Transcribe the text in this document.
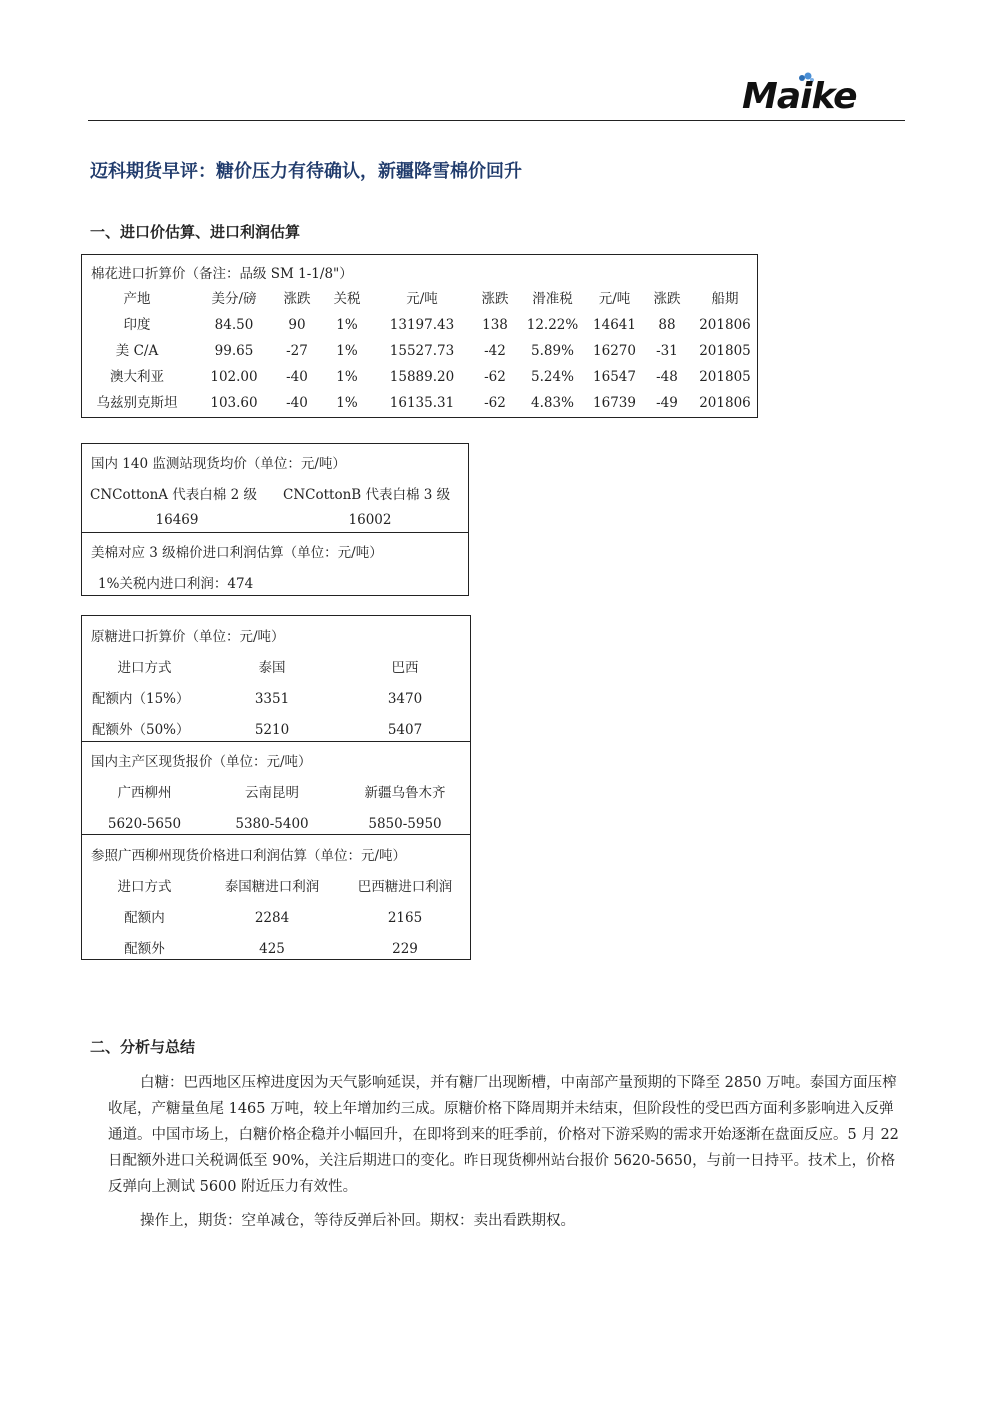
Maike
迈科期货早评：糖价压力有待确认，新疆降雪棉价回升
一、进口价估算、进口利润估算
棉花进口折算价（备注：品级 SM 1-1/8"）
产地	美分/磅	涨跌	关税	元/吨	涨跌	滑准税	元/吨	涨跌	船期
印度	84.50	90	1%	13197.43	138	12.22%	14641	88	201806
美 C/A	99.65	-27	1%	15527.73	-42	5.89%	16270	-31	201805
澳大利亚	102.00	-40	1%	15889.20	-62	5.24%	16547	-48	201805
乌兹别克斯坦	103.60	-40	1%	16135.31	-62	4.83%	16739	-49	201806
国内 140 监测站现货均价（单位：元/吨）
CNCottonA 代表白棉 2 级 CNCottonB 代表白棉 3 级
16469	16002
美棉对应 3 级棉价进口利润估算（单位：元/吨）
1%关税内进口利润：474
原糖进口折算价（单位：元/吨）
进口方式	泰国	巴西
配额内（15%）	3351	3470
配额外（50%）	5210	5407
国内主产区现货报价（单位：元/吨）
广西柳州	云南昆明	新疆乌鲁木齐
5620-5650	5380-5400	5850-5950
参照广西柳州现货价格进口利润估算（单位：元/吨）
进口方式	泰国糖进口利润	巴西糖进口利润
配额内	2284	2165
配额外	425	229
二、分析与总结

白糖：巴西地区压榨进度因为天气影响延误，并有糖厂出现断槽，中南部产量预期的下降至 2850 万吨。泰国方面压榨收尾，产糖量鱼尾 1465 万吨，较上年增加约三成。原糖价格下降周期并未结束，但阶段性的受巴西方面利多影响进入反弹通道。中国市场上，白糖价格企稳并小幅回升，在即将到来的旺季前，价格对下游采购的需求开始逐渐在盘面反应。5 月 22 日配额外进口关税调低至 90%，关注后期进口的变化。昨日现货柳州站台报价 5620-5650，与前一日持平。技术上，价格反弹向上测试 5600 附近压力有效性。

操作上，期货：空单减仓，等待反弹后补回。期权：卖出看跌期权。
